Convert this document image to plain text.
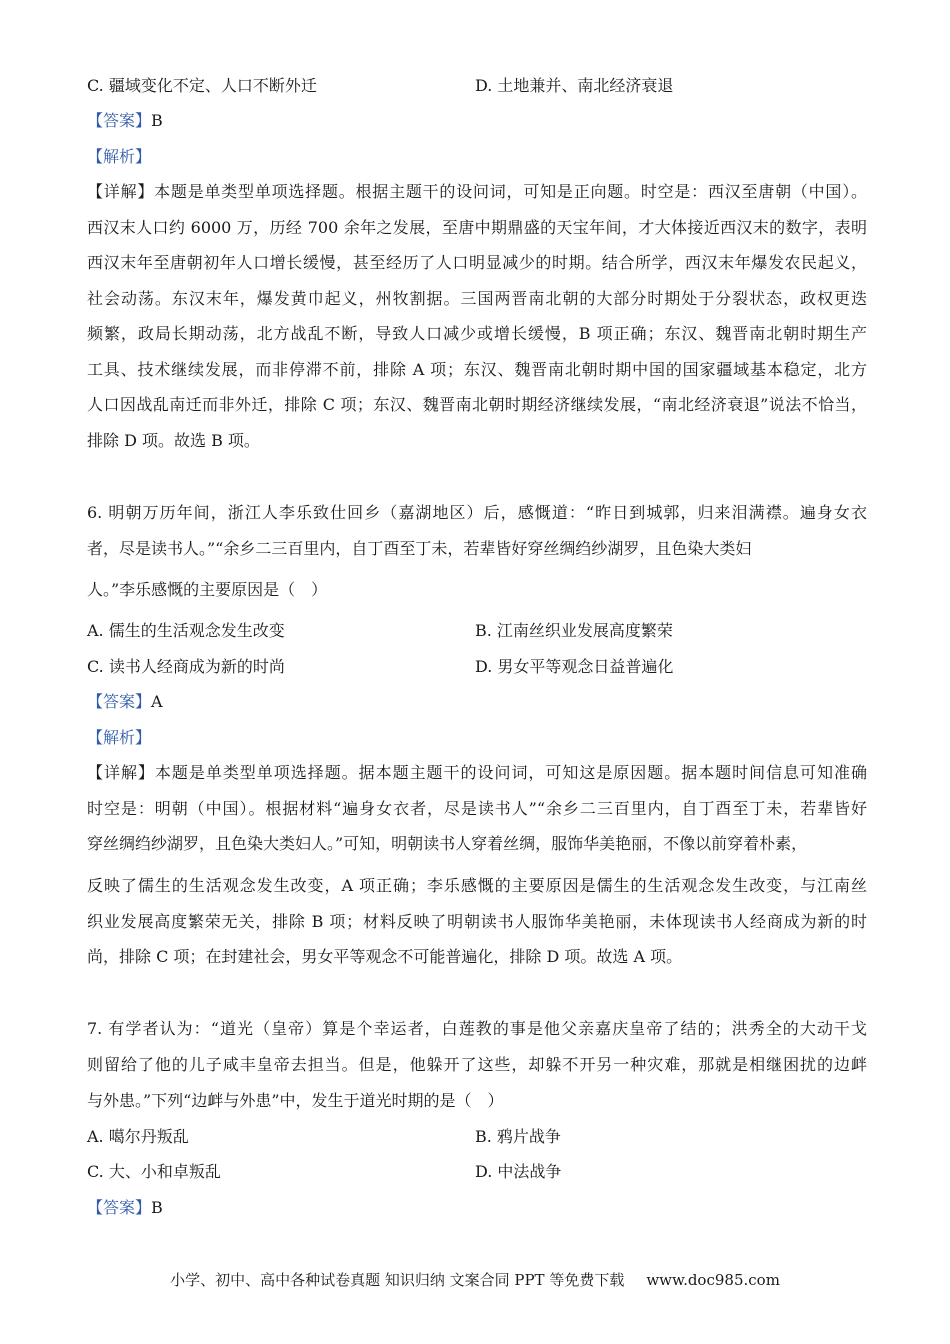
C. 疆域变化不定、人口不断外迁	D. 土地兼并、南北经济衰退
【答案】B
【解析】
【详解】本题是单类型单项选择题。根据主题干的设问词，可知是正向题。时空是：西汉至唐朝（中国）。
西汉末人口约 6000 万，历经 700 余年之发展，至唐中期鼎盛的天宝年间，才大体接近西汉末的数字，表明
西汉末年至唐朝初年人口增长缓慢，甚至经历了人口明显减少的时期。结合所学，西汉末年爆发农民起义，
社会动荡。东汉末年，爆发黄巾起义，州牧割据。三国两晋南北朝的大部分时期处于分裂状态，政权更迭
频繁，政局长期动荡，北方战乱不断，导致人口减少或增长缓慢，B 项正确；东汉、魏晋南北朝时期生产
工具、技术继续发展，而非停滞不前，排除 A 项；东汉、魏晋南北朝时期中国的国家疆域基本稳定，北方
人口因战乱南迁而非外迁，排除 C 项；东汉、魏晋南北朝时期经济继续发展，“南北经济衰退”说法不恰当，
排除 D 项。故选 B 项。
6. 明朝万历年间，浙江人李乐致仕回乡（嘉湖地区）后，感慨道：“昨日到城郭，归来泪满襟。遍身女衣
者，尽是读书人。”“余乡二三百里内，自丁酉至丁未，若辈皆好穿丝绸绉纱湖罗，且色染大类妇
人。”李乐感慨的主要原因是（　）
A. 儒生的生活观念发生改变	B. 江南丝织业发展高度繁荣
C. 读书人经商成为新的时尚	D. 男女平等观念日益普遍化
【答案】A
【解析】
【详解】本题是单类型单项选择题。据本题主题干的设问词，可知这是原因题。据本题时间信息可知准确
时空是：明朝（中国）。根据材料“遍身女衣者，尽是读书人”“余乡二三百里内，自丁酉至丁未，若辈皆好
穿丝绸绉纱湖罗，且色染大类妇人。”可知，明朝读书人穿着丝绸，服饰华美艳丽，不像以前穿着朴素，
反映了儒生的生活观念发生改变，A 项正确；李乐感慨的主要原因是儒生的生活观念发生改变，与江南丝
织业发展高度繁荣无关，排除 B 项；材料反映了明朝读书人服饰华美艳丽，未体现读书人经商成为新的时
尚，排除 C 项；在封建社会，男女平等观念不可能普遍化，排除 D 项。故选 A 项。
7. 有学者认为：“道光（皇帝）算是个幸运者，白莲教的事是他父亲嘉庆皇帝了结的；洪秀全的大动干戈
则留给了他的儿子咸丰皇帝去担当。但是，他躲开了这些，却躲不开另一种灾难，那就是相继困扰的边衅
与外患。”下列“边衅与外患”中，发生于道光时期的是（　）
A. 噶尔丹叛乱	B. 鸦片战争
C. 大、小和卓叛乱	D. 中法战争
【答案】B
小学、初中、高中各种试卷真题 知识归纳 文案合同 PPT 等免费下载 www.doc985.com
